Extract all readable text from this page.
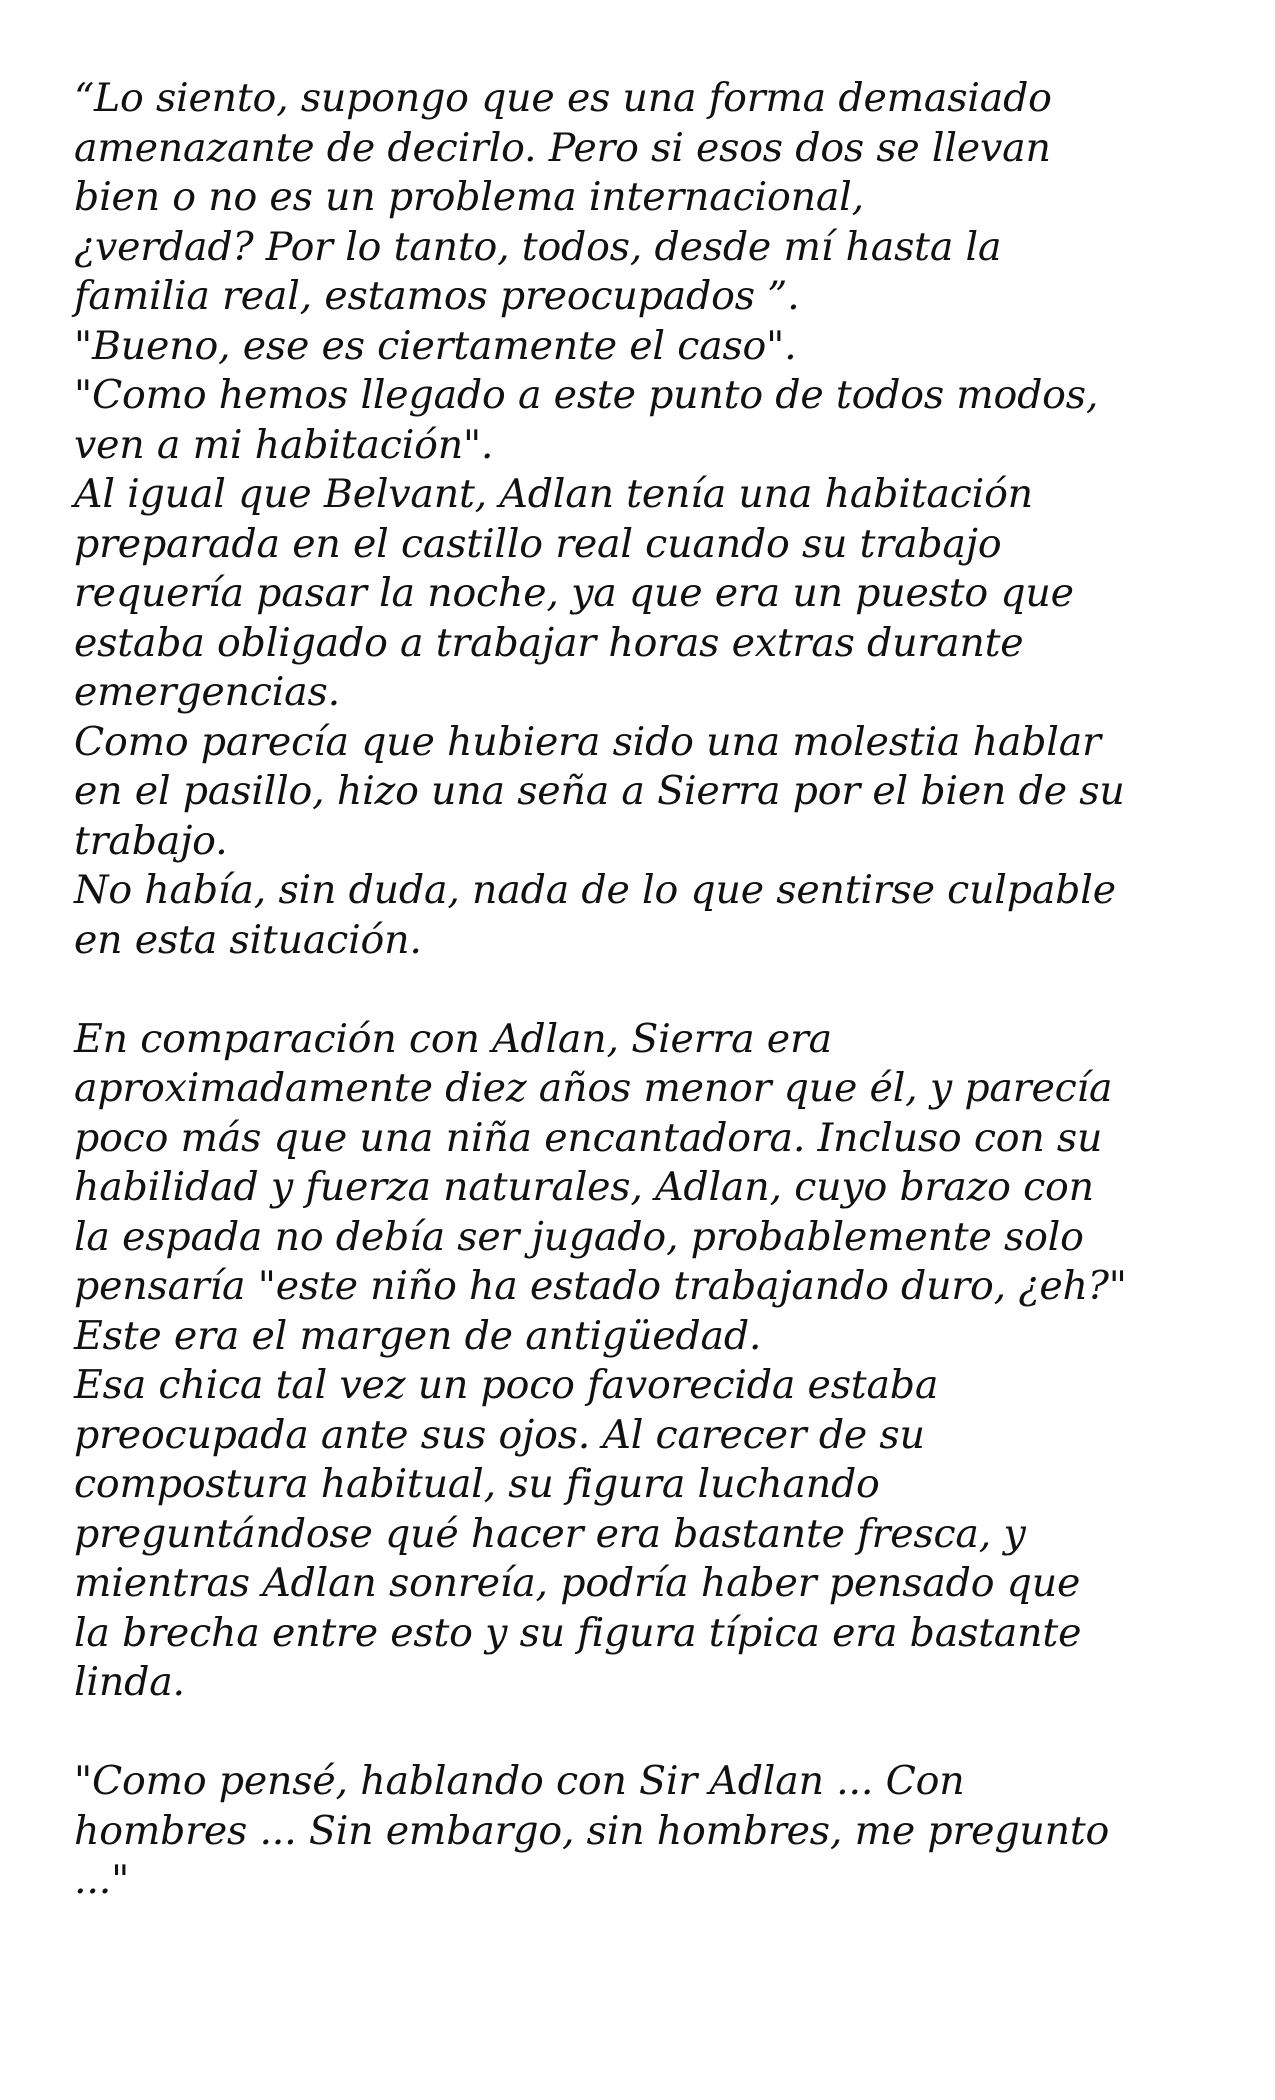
“Lo siento, supongo que es una forma demasiado
amenazante de decirlo. Pero si esos dos se llevan
bien o no es un problema internacional,
¿verdad? Por lo tanto, todos, desde mí hasta la
familia real, estamos preocupados ”.
"Bueno, ese es ciertamente el caso".
"Como hemos llegado a este punto de todos modos,
ven a mi habitación".
Al igual que Belvant, Adlan tenía una habitación
preparada en el castillo real cuando su trabajo
requería pasar la noche, ya que era un puesto que
estaba obligado a trabajar horas extras durante
emergencias.
Como parecía que hubiera sido una molestia hablar
en el pasillo, hizo una seña a Sierra por el bien de su
trabajo.
No había, sin duda, nada de lo que sentirse culpable
en esta situación.
En comparación con Adlan, Sierra era
aproximadamente diez años menor que él, y parecía
poco más que una niña encantadora. Incluso con su
habilidad y fuerza naturales, Adlan, cuyo brazo con
la espada no debía ser jugado, probablemente solo
pensaría "este niño ha estado trabajando duro, ¿eh?"
Este era el margen de antigüedad.
Esa chica tal vez un poco favorecida estaba
preocupada ante sus ojos. Al carecer de su
compostura habitual, su figura luchando
preguntándose qué hacer era bastante fresca, y
mientras Adlan sonreía, podría haber pensado que
la brecha entre esto y su figura típica era bastante
linda.
"Como pensé, hablando con Sir Adlan ... Con
hombres ... Sin embargo, sin hombres, me pregunto
..."
